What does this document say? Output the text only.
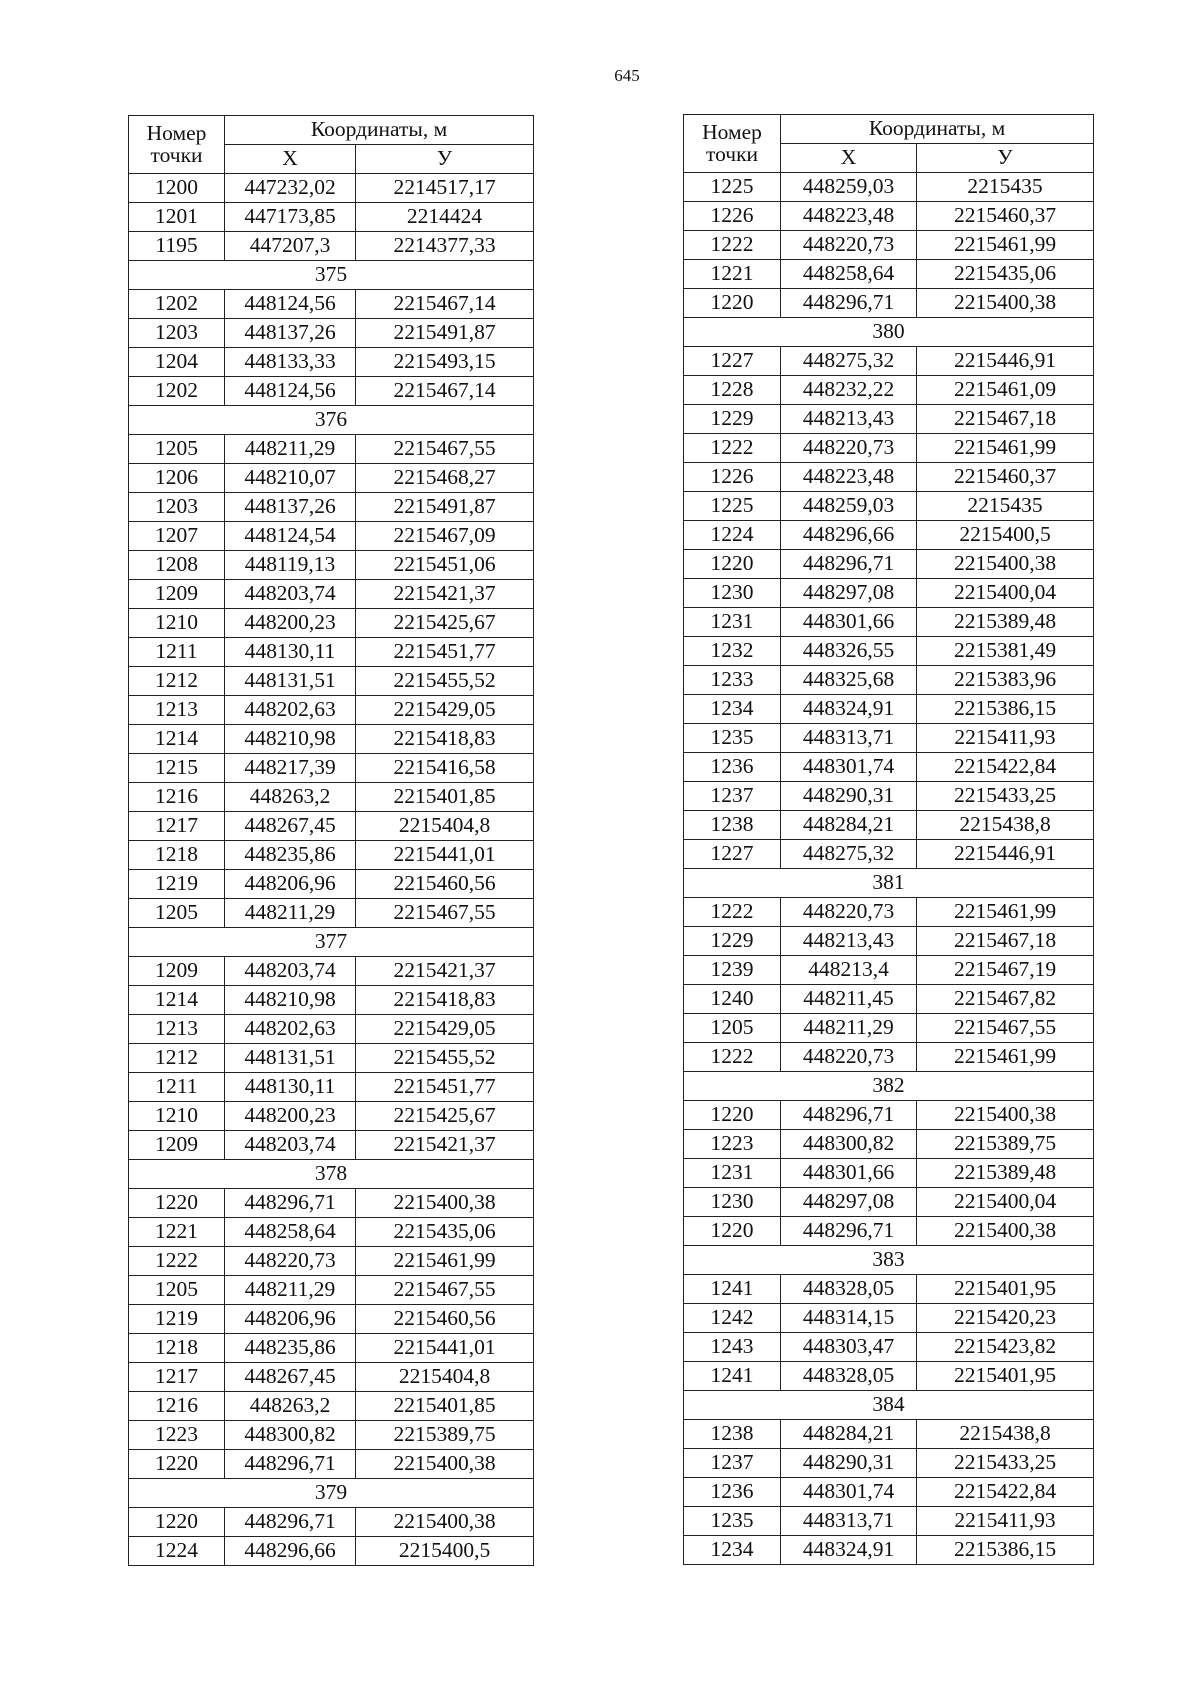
645
Номер
точки	Координаты, м	
	X	У
1200	447232,02	2214517,17
1201	447173,85	2214424
1195	447207,3	2214377,33
375		
1202	448124,56	2215467,14
1203	448137,26	2215491,87
1204	448133,33	2215493,15
1202	448124,56	2215467,14
376		
1205	448211,29	2215467,55
1206	448210,07	2215468,27
1203	448137,26	2215491,87
1207	448124,54	2215467,09
1208	448119,13	2215451,06
1209	448203,74	2215421,37
1210	448200,23	2215425,67
1211	448130,11	2215451,77
1212	448131,51	2215455,52
1213	448202,63	2215429,05
1214	448210,98	2215418,83
1215	448217,39	2215416,58
1216	448263,2	2215401,85
1217	448267,45	2215404,8
1218	448235,86	2215441,01
1219	448206,96	2215460,56
1205	448211,29	2215467,55
377		
1209	448203,74	2215421,37
1214	448210,98	2215418,83
1213	448202,63	2215429,05
1212	448131,51	2215455,52
1211	448130,11	2215451,77
1210	448200,23	2215425,67
1209	448203,74	2215421,37
378		
1220	448296,71	2215400,38
1221	448258,64	2215435,06
1222	448220,73	2215461,99
1205	448211,29	2215467,55
1219	448206,96	2215460,56
1218	448235,86	2215441,01
1217	448267,45	2215404,8
1216	448263,2	2215401,85
1223	448300,82	2215389,75
1220	448296,71	2215400,38
379		
1220	448296,71	2215400,38
1224	448296,66	2215400,5
Номер
точки	Координаты, м	
	X	У
1225	448259,03	2215435
1226	448223,48	2215460,37
1222	448220,73	2215461,99
1221	448258,64	2215435,06
1220	448296,71	2215400,38
380		
1227	448275,32	2215446,91
1228	448232,22	2215461,09
1229	448213,43	2215467,18
1222	448220,73	2215461,99
1226	448223,48	2215460,37
1225	448259,03	2215435
1224	448296,66	2215400,5
1220	448296,71	2215400,38
1230	448297,08	2215400,04
1231	448301,66	2215389,48
1232	448326,55	2215381,49
1233	448325,68	2215383,96
1234	448324,91	2215386,15
1235	448313,71	2215411,93
1236	448301,74	2215422,84
1237	448290,31	2215433,25
1238	448284,21	2215438,8
1227	448275,32	2215446,91
381		
1222	448220,73	2215461,99
1229	448213,43	2215467,18
1239	448213,4	2215467,19
1240	448211,45	2215467,82
1205	448211,29	2215467,55
1222	448220,73	2215461,99
382		
1220	448296,71	2215400,38
1223	448300,82	2215389,75
1231	448301,66	2215389,48
1230	448297,08	2215400,04
1220	448296,71	2215400,38
383		
1241	448328,05	2215401,95
1242	448314,15	2215420,23
1243	448303,47	2215423,82
1241	448328,05	2215401,95
384		
1238	448284,21	2215438,8
1237	448290,31	2215433,25
1236	448301,74	2215422,84
1235	448313,71	2215411,93
1234	448324,91	2215386,15
